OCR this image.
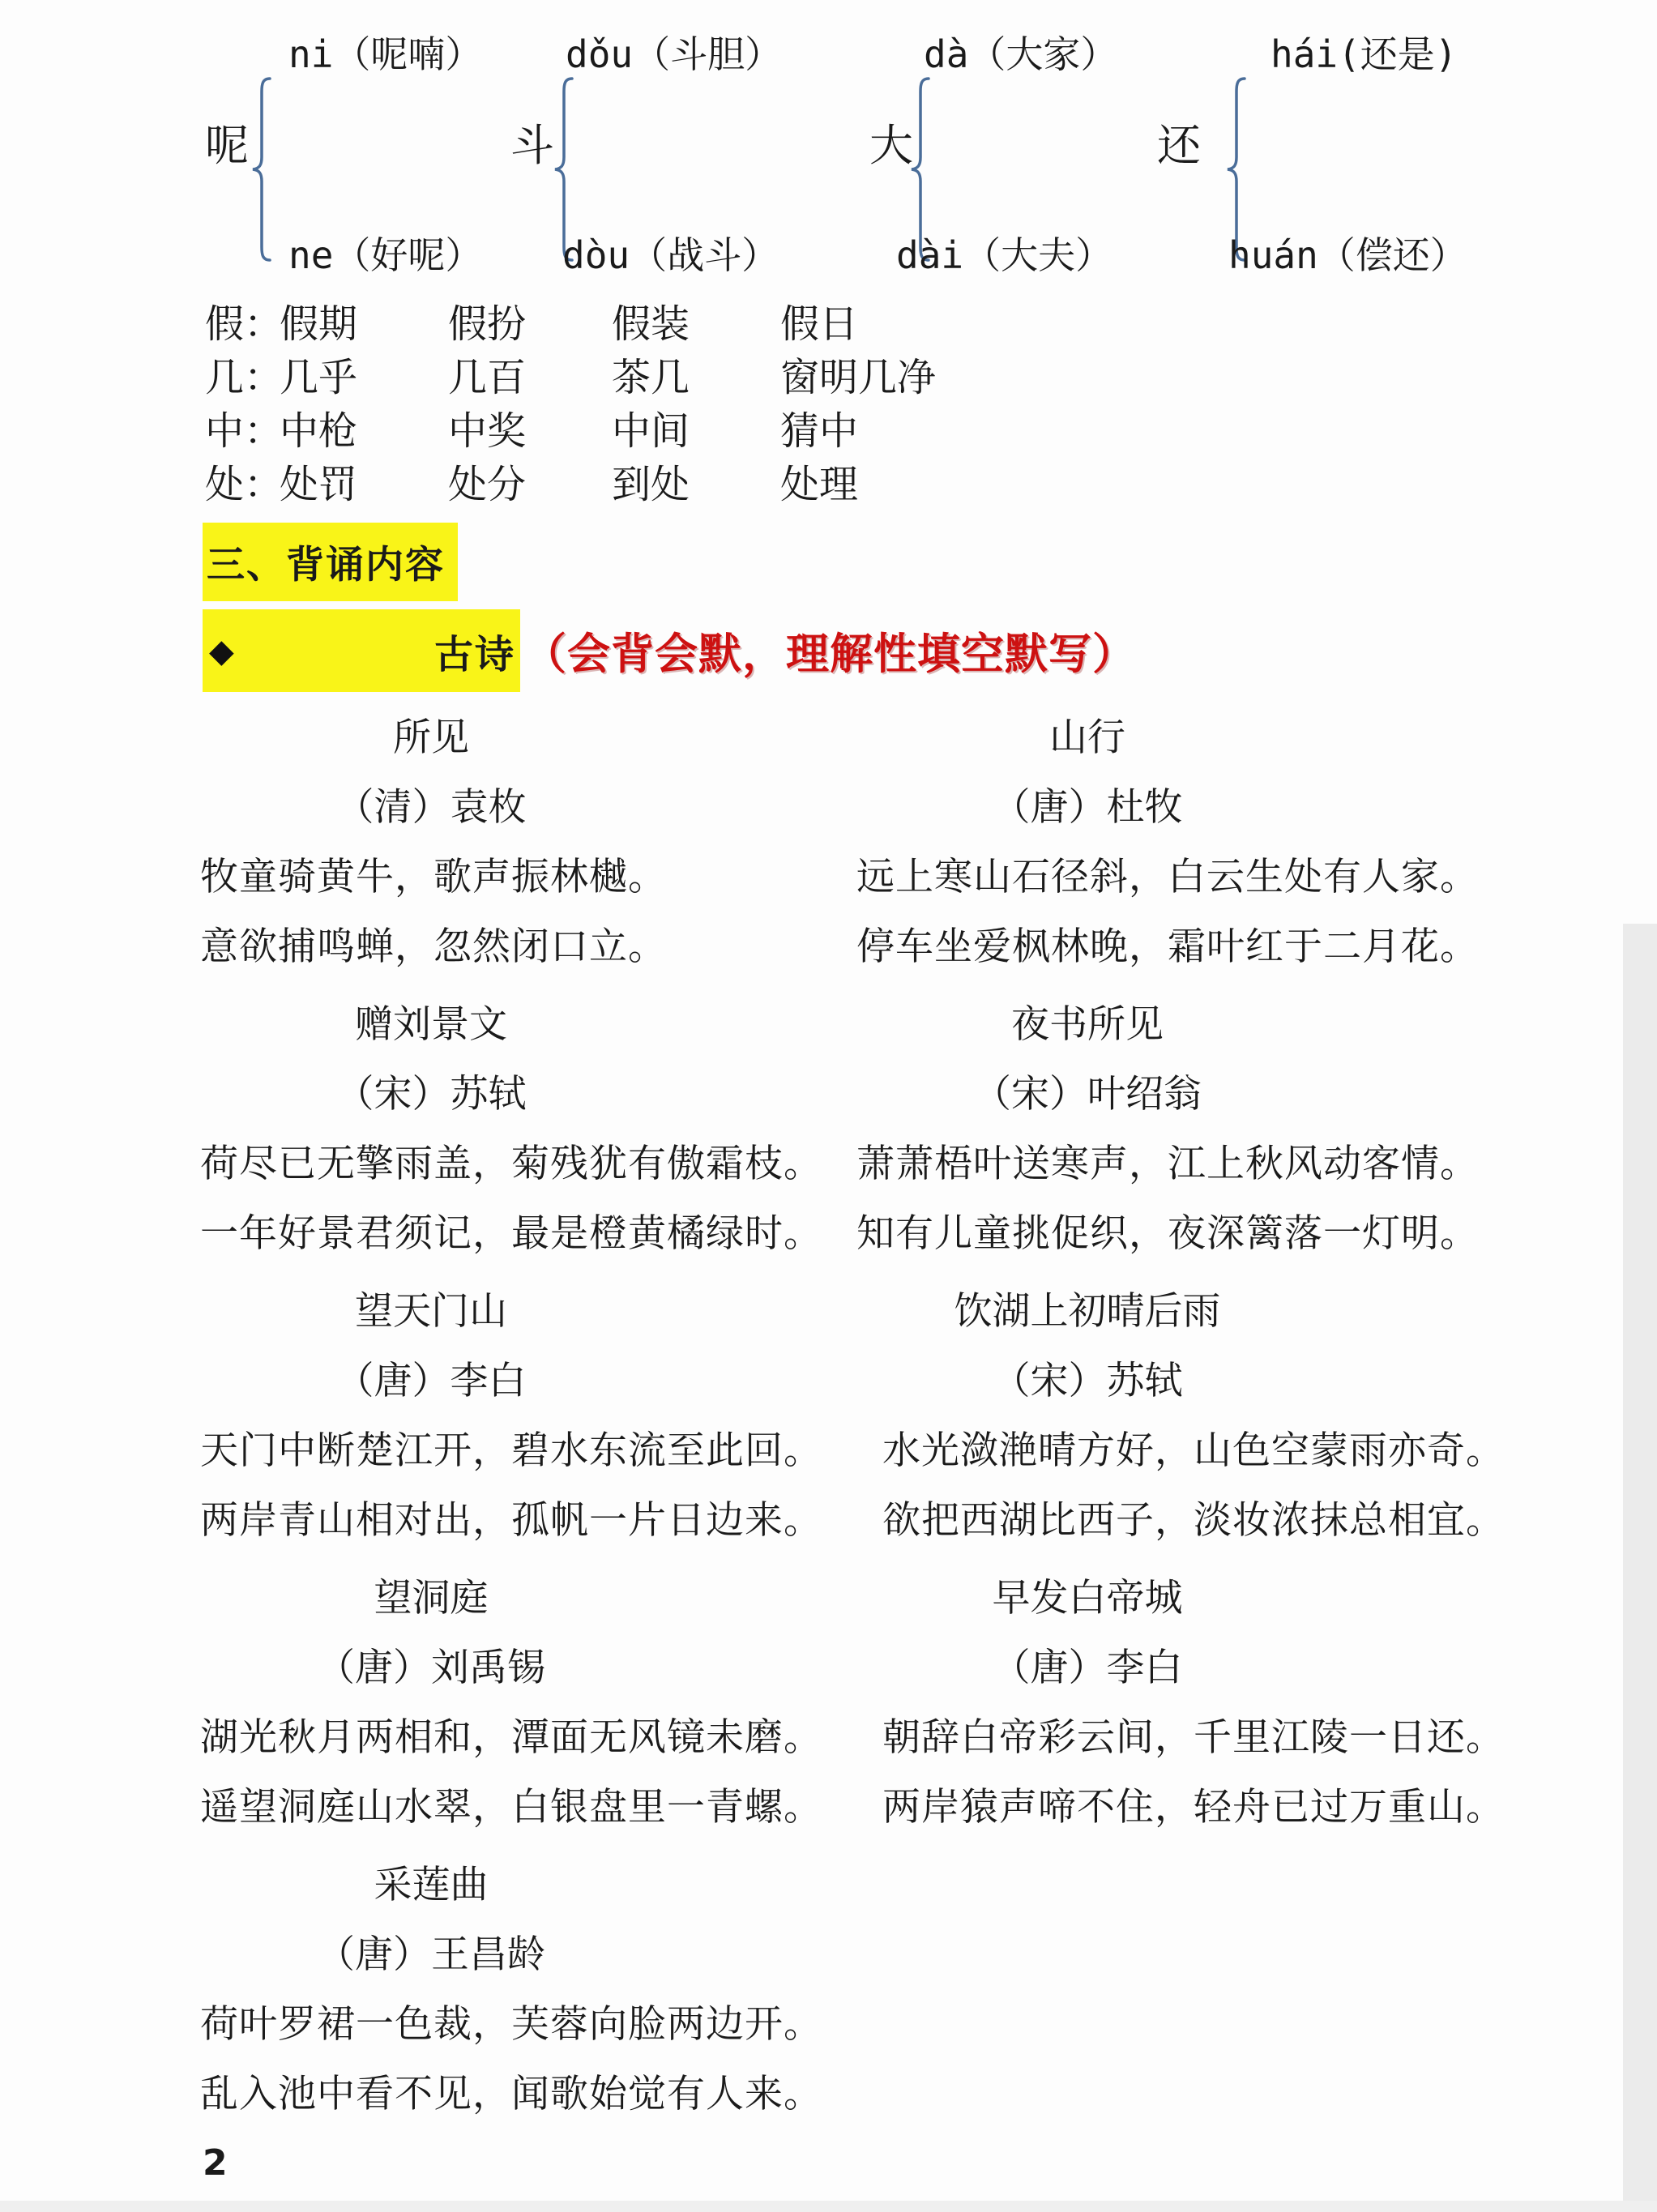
呢
ni（呢喃）
ne（好呢）
斗
dǒu（斗胆）
dòu（战斗）
大
dà（大家）
dài（大夫）
还
hái(还是)
huán（偿还）
假：
假期	假扮	假装	假日
几：
几乎	几百	茶几	窗明几净
中：
中枪	中奖	中间	猜中
处：
处罚	处分	到处	处理
三、背诵内容
◆	古诗 （会背会默，理解性填空默写）
所见
（清）袁枚
牧童骑黄牛，歌声振林樾。
意欲捕鸣蝉，忽然闭口立。
赠刘景文
（宋）苏轼
荷尽已无擎雨盖，菊残犹有傲霜枝。
一年好景君须记，最是橙黄橘绿时。
望天门山
（唐）李白
天门中断楚江开，碧水东流至此回。
两岸青山相对出，孤帆一片日边来。
望洞庭
（唐）刘禹锡
湖光秋月两相和，潭面无风镜未磨。
遥望洞庭山水翠，白银盘里一青螺。
采莲曲
（唐）王昌龄
荷叶罗裙一色裁，芙蓉向脸两边开。
乱入池中看不见，闻歌始觉有人来。
山行
（唐）杜牧
远上寒山石径斜，白云生处有人家。
停车坐爱枫林晚，霜叶红于二月花。
夜书所见
（宋）叶绍翁
萧萧梧叶送寒声，江上秋风动客情。
知有儿童挑促织，夜深篱落一灯明。
饮湖上初晴后雨
（宋）苏轼
水光潋滟晴方好，山色空蒙雨亦奇。
欲把西湖比西子，淡妆浓抹总相宜。
早发白帝城
（唐）李白
朝辞白帝彩云间，千里江陵一日还。
两岸猿声啼不住，轻舟已过万重山。
2
